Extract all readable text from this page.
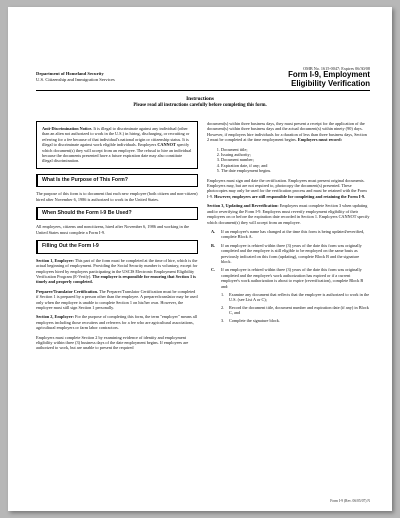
OMB No. 1615-0047; Expires 06/30/08
Department of Homeland Security
U.S. Citizenship and Immigration Services
Form I-9, Employment
Eligibility Verification
Instructions
Please read all instructions carefully before completing this form.
Anti-Discrimination Notice. It is illegal to discriminate against any individual (other than an alien not authorized to work in the U.S.) in hiring, discharging, or recruiting or referring for a fee because of that individual's national origin or citizenship status. It is illegal to discriminate against work eligible individuals. Employers CANNOT specify which document(s) they will accept from an employee. The refusal to hire an individual because the documents presented have a future expiration date may also constitute illegal discrimination.
What Is the Purpose of This Form?

The purpose of this form is to document that each new employee (both citizen and non-citizen) hired after November 6, 1986 is authorized to work in the United States.

When Should the Form I-9 Be Used?

All employees, citizens and noncitizens, hired after November 6, 1986 and working in the United States must complete a Form I-9.

Filling Out the Form I-9

Section 1, Employee: This part of the form must be completed at the time of hire, which is the actual beginning of employment. Providing the Social Security number is voluntary, except for employees hired by employers participating in the USCIS Electronic Employment Eligibility Verification Program (E-Verify). The employer is responsible for ensuring that Section 1 is timely and properly completed.

Preparer/Translator Certification. The Preparer/Translator Certification must be completed if Section 1 is prepared by a person other than the employee. A preparer/translator may be used only when the employee is unable to complete Section 1 on his/her own. However, the employee must still sign Section 1 personally.

Section 2, Employer: For the purpose of completing this form, the term "employer" means all employers including those recruiters and referrers for a fee who are agricultural associations, agricultural employers or farm labor contractors.

Employers must complete Section 2 by examining evidence of identity and employment eligibility within three (3) business days of the date employment begins. If employees are authorized to work, but are unable to present the required

document(s) within three business days, they must present a receipt for the application of the document(s) within three business days and the actual document(s) within ninety (90) days. However, if employers hire individuals for a duration of less than three business days, Section 2 must be completed at the time employment begins. Employers must record:

1. Document title;
2. Issuing authority;
3. Document number;
4. Expiration date, if any; and
5. The date employment begins.

Employers must sign and date the certification. Employees must present original documents. Employers may, but are not required to, photocopy the document(s) presented. These photocopies may only be used for the verification process and must be retained with the Form I-9. However, employers are still responsible for completing and retaining the Form I-9.

Section 3, Updating and Reverification: Employers must complete Section 3 when updating and/or reverifying the Form I-9. Employers must reverify employment eligibility of their employees on or before the expiration date recorded in Section 1. Employers CANNOT specify which document(s) they will accept from an employee.

A.	If an employee's name has changed at the time this form is being updated/reverified, complete Block A.
B.	If an employee is rehired within three (3) years of the date this form was originally completed and the employee is still eligible to be employed on the same basis as previously indicated on this form (updating), complete Block B and the signature block.
C.	If an employee is rehired within three (3) years of the date this form was originally completed and the employee's work authorization has expired or if a current employee's work authorization is about to expire (reverification), complete Block B and:
1.	Examine any document that reflects that the employee is authorized to work in the U.S. (see List A or C);
2.	Record the document title, document number and expiration date (if any) in Block C, and
3.	Complete the signature block.
Form I-9 (Rev. 06/05/07) N
